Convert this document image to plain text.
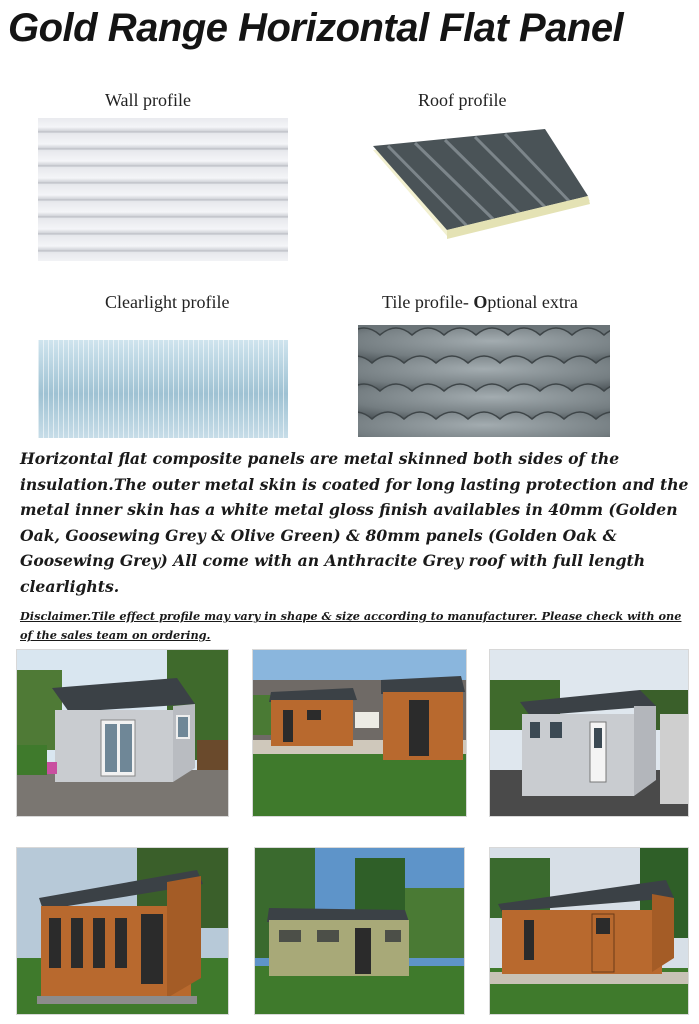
Gold Range Horizontal Flat Panel
Wall profile	Roof profile
Clearlight profile	Tile profile- Optional extra
Horizontal flat composite panels are metal skinned both sides of the insulation.The outer metal skin is coated for long lasting protection and the metal inner skin has a white metal gloss finish availables in 40mm (Golden Oak, Goosewing Grey & Olive Green) & 80mm panels (Golden Oak & Goosewing Grey) All come with an Anthracite Grey roof with full length clearlights.
Disclaimer.Tile effect profile may vary in shape & size according to manufacturer. Please check with one of the sales team on ordering.
